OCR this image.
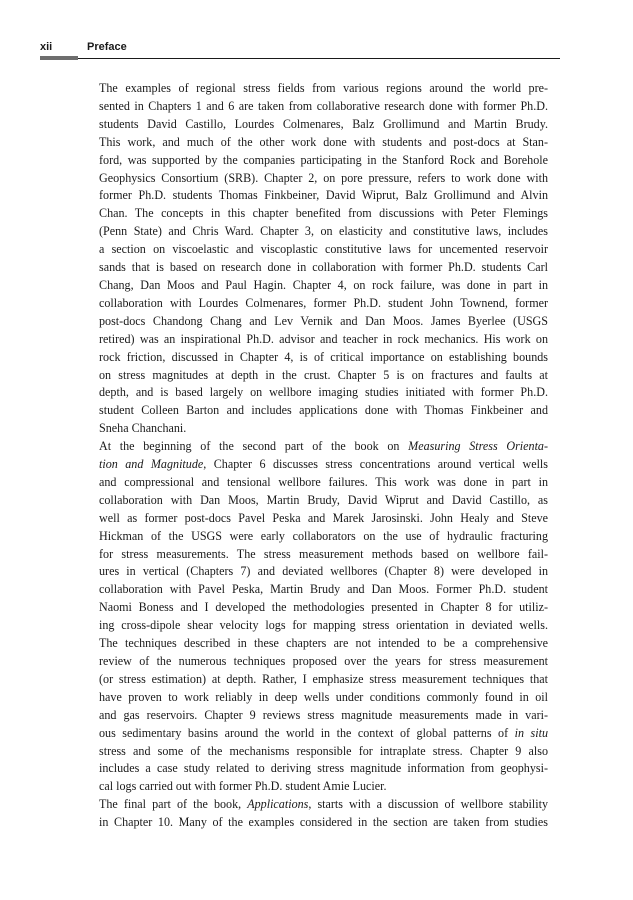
xii	Preface

The examples of regional stress fields from various regions around the world pre-
sented in Chapters 1 and 6 are taken from collaborative research done with former Ph.D.
students David Castillo, Lourdes Colmenares, Balz Grollimund and Martin Brudy.
This work, and much of the other work done with students and post-docs at Stan-
ford, was supported by the companies participating in the Stanford Rock and Borehole
Geophysics Consortium (SRB). Chapter 2, on pore pressure, refers to work done with
former Ph.D. students Thomas Finkbeiner, David Wiprut, Balz Grollimund and Alvin
Chan. The concepts in this chapter benefited from discussions with Peter Flemings
(Penn State) and Chris Ward. Chapter 3, on elasticity and constitutive laws, includes
a section on viscoelastic and viscoplastic constitutive laws for uncemented reservoir
sands that is based on research done in collaboration with former Ph.D. students Carl
Chang, Dan Moos and Paul Hagin. Chapter 4, on rock failure, was done in part in
collaboration with Lourdes Colmenares, former Ph.D. student John Townend, former
post-docs Chandong Chang and Lev Vernik and Dan Moos. James Byerlee (USGS
retired) was an inspirational Ph.D. advisor and teacher in rock mechanics. His work on
rock friction, discussed in Chapter 4, is of critical importance on establishing bounds
on stress magnitudes at depth in the crust. Chapter 5 is on fractures and faults at
depth, and is based largely on wellbore imaging studies initiated with former Ph.D.
student Colleen Barton and includes applications done with Thomas Finkbeiner and
Sneha Chanchani.

At the beginning of the second part of the book on Measuring Stress Orienta-
tion and Magnitude, Chapter 6 discusses stress concentrations around vertical wells
and compressional and tensional wellbore failures. This work was done in part in
collaboration with Dan Moos, Martin Brudy, David Wiprut and David Castillo, as
well as former post-docs Pavel Peska and Marek Jarosinski. John Healy and Steve
Hickman of the USGS were early collaborators on the use of hydraulic fracturing
for stress measurements. The stress measurement methods based on wellbore fail-
ures in vertical (Chapters 7) and deviated wellbores (Chapter 8) were developed in
collaboration with Pavel Peska, Martin Brudy and Dan Moos. Former Ph.D. student
Naomi Boness and I developed the methodologies presented in Chapter 8 for utiliz-
ing cross-dipole shear velocity logs for mapping stress orientation in deviated wells.
The techniques described in these chapters are not intended to be a comprehensive
review of the numerous techniques proposed over the years for stress measurement
(or stress estimation) at depth. Rather, I emphasize stress measurement techniques that
have proven to work reliably in deep wells under conditions commonly found in oil
and gas reservoirs. Chapter 9 reviews stress magnitude measurements made in vari-
ous sedimentary basins around the world in the context of global patterns of in situ
stress and some of the mechanisms responsible for intraplate stress. Chapter 9 also
includes a case study related to deriving stress magnitude information from geophysi-
cal logs carried out with former Ph.D. student Amie Lucier.

The final part of the book, Applications, starts with a discussion of wellbore stability
in Chapter 10. Many of the examples considered in the section are taken from studies
